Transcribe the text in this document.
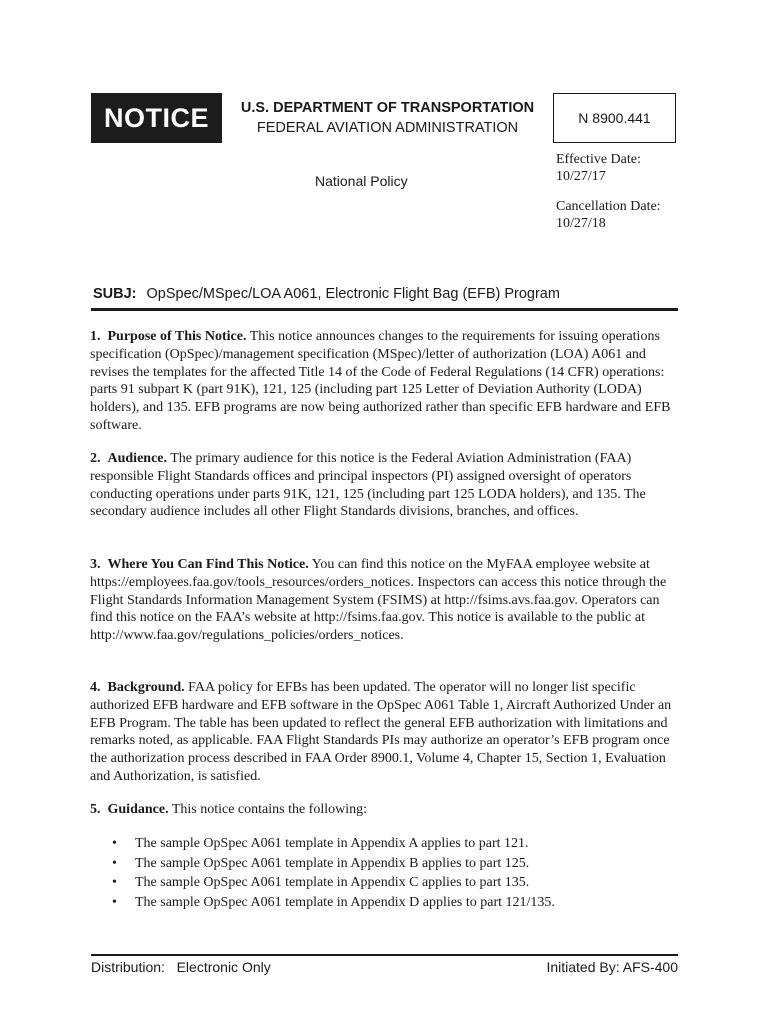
NOTICE	U.S. DEPARTMENT OF TRANSPORTATION
FEDERAL AVIATION ADMINISTRATION
N 8900.441
National Policy
Effective Date:
10/27/17
Cancellation Date:
10/27/18
SUBJ: OpSpec/MSpec/LOA A061, Electronic Flight Bag (EFB) Program
1.  Purpose of This Notice. This notice announces changes to the requirements for issuing operations specification (OpSpec)/management specification (MSpec)/letter of authorization (LOA) A061 and revises the templates for the affected Title 14 of the Code of Federal Regulations (14 CFR) operations: parts 91 subpart K (part 91K), 121, 125 (including part 125 Letter of Deviation Authority (LODA) holders), and 135. EFB programs are now being authorized rather than specific EFB hardware and EFB software.
2.  Audience. The primary audience for this notice is the Federal Aviation Administration (FAA) responsible Flight Standards offices and principal inspectors (PI) assigned oversight of operators conducting operations under parts 91K, 121, 125 (including part 125 LODA holders), and 135. The secondary audience includes all other Flight Standards divisions, branches, and offices.
3.  Where You Can Find This Notice. You can find this notice on the MyFAA employee website at https://employees.faa.gov/tools_resources/orders_notices. Inspectors can access this notice through the Flight Standards Information Management System (FSIMS) at http://fsims.avs.faa.gov. Operators can find this notice on the FAA’s website at http://fsims.faa.gov. This notice is available to the public at http://www.faa.gov/regulations_policies/orders_notices.
4.  Background. FAA policy for EFBs has been updated. The operator will no longer list specific authorized EFB hardware and EFB software in the OpSpec A061 Table 1, Aircraft Authorized Under an EFB Program. The table has been updated to reflect the general EFB authorization with limitations and remarks noted, as applicable. FAA Flight Standards PIs may authorize an operator’s EFB program once the authorization process described in FAA Order 8900.1, Volume 4, Chapter 15, Section 1, Evaluation and Authorization, is satisfied.
5.  Guidance. This notice contains the following:
• The sample OpSpec A061 template in Appendix A applies to part 121.
• The sample OpSpec A061 template in Appendix B applies to part 125.
• The sample OpSpec A061 template in Appendix C applies to part 135.
• The sample OpSpec A061 template in Appendix D applies to part 121/135.
Distribution:   Electronic Only	Initiated By: AFS-400
